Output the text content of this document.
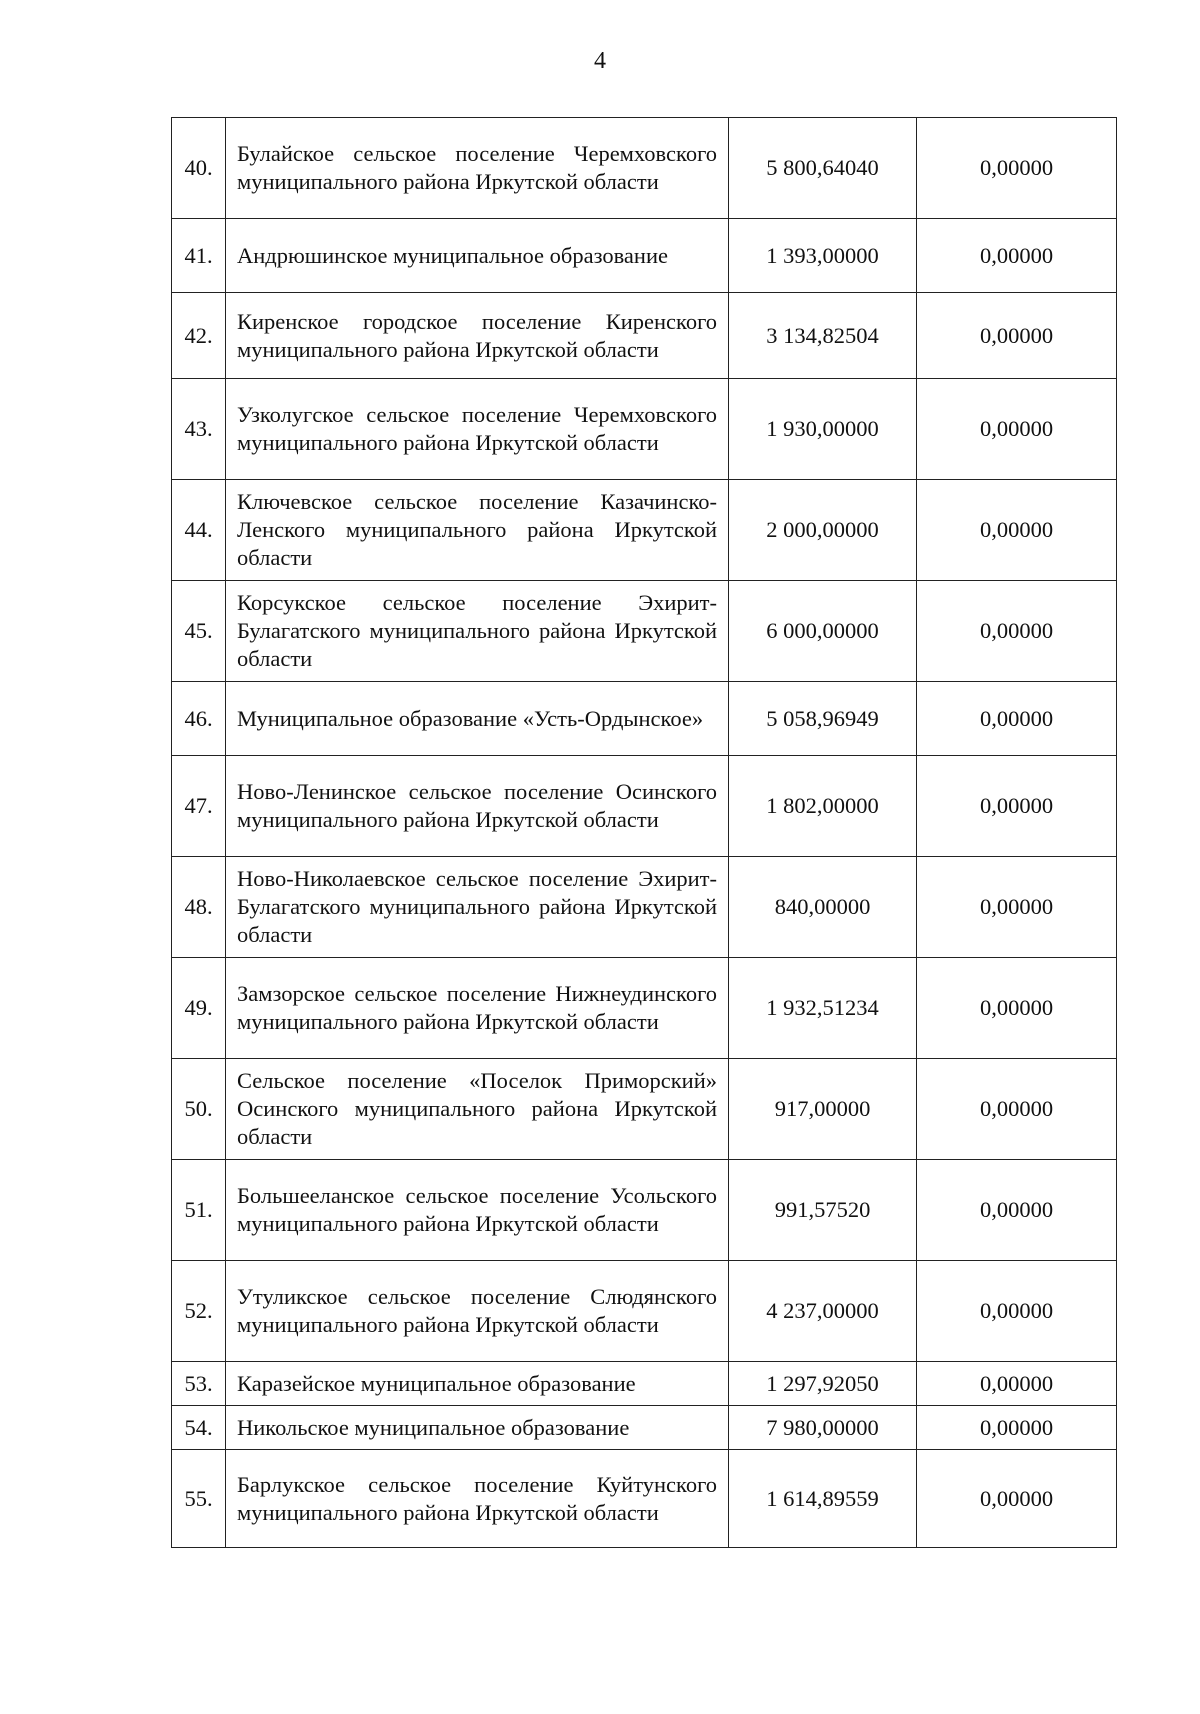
4
40.	Булайское сельское поселение Черемховского муниципального района Иркутской области	5 800,64040	0,00000
41.	Андрюшинское муниципальное образование	1 393,00000	0,00000
42.	Киренское городское поселение Киренского муниципального района Иркутской области	3 134,82504	0,00000
43.	Узколугское сельское поселение Черемховского муниципального района Иркутской области	1 930,00000	0,00000
44.	Ключевское сельское поселение Казачинско-Ленского муниципального района Иркутской области	2 000,00000	0,00000
45.	Корсукское сельское поселение Эхирит-Булагатского муниципального района Иркутской области	6 000,00000	0,00000
46.	Муниципальное образование «Усть-Ордынское»	5 058,96949	0,00000
47.	Ново-Ленинское сельское поселение Осинского муниципального района Иркутской области	1 802,00000	0,00000
48.	Ново-Николаевское сельское поселение Эхирит-Булагатского муниципального района Иркутской области	840,00000	0,00000
49.	Замзорское сельское поселение Нижнеудинского муниципального района Иркутской области	1 932,51234	0,00000
50.	Сельское поселение «Поселок Приморский» Осинского муниципального района Иркутской области	917,00000	0,00000
51.	Большееланское сельское поселение Усольского муниципального района Иркутской области	991,57520	0,00000
52.	Утуликское сельское поселение Слюдянского муниципального района Иркутской области	4 237,00000	0,00000
53.	Каразейское муниципальное образование	1 297,92050	0,00000
54.	Никольское муниципальное образование	7 980,00000	0,00000
55.	Барлукское сельское поселение Куйтунского муниципального района Иркутской области	1 614,89559	0,00000
